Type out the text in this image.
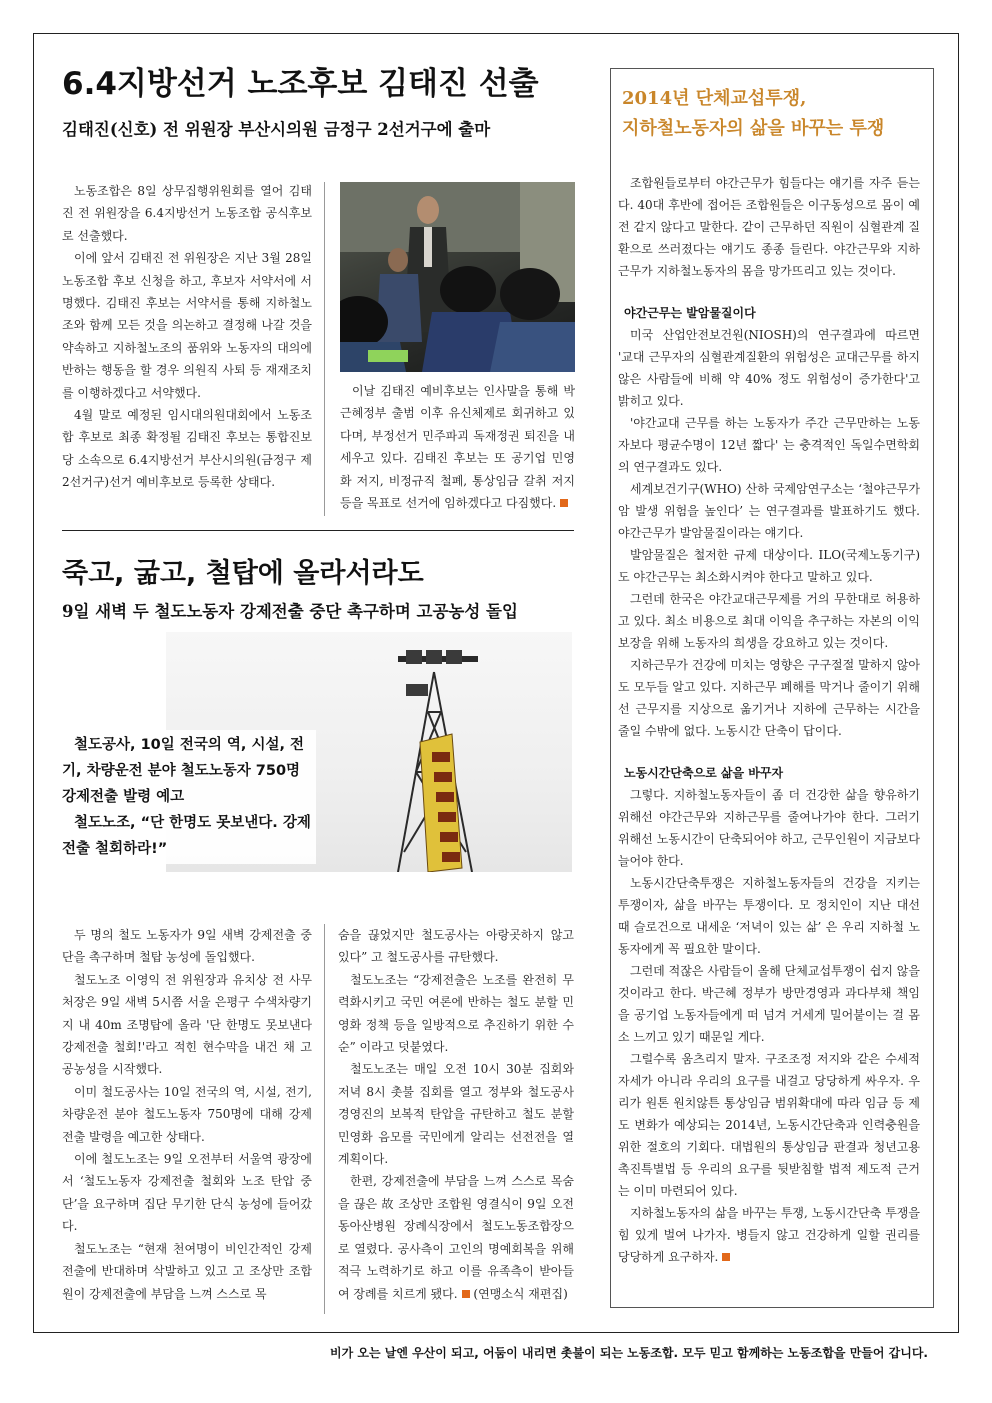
6.4지방선거 노조후보 김태진 선출
김태진(신호) 전 위원장 부산시의원 금정구 2선거구에 출마

노동조합은 8일 상무집행위원회를 열어 김태진 전 위원장을 6.4지방선거 노동조합 공식후보로 선출했다.

이에 앞서 김태진 전 위원장은 지난 3월 28일 노동조합 후보 신청을 하고, 후보자 서약서에 서명했다. 김태진 후보는 서약서를 통해 지하철노조와 함께 모든 것을 의논하고 결정해 나갈 것을 약속하고 지하철노조의 품위와 노동자의 대의에 반하는 행동을 할 경우 의원직 사퇴 등 재재조치를 이행하겠다고 서약했다.

4월 말로 예정된 임시대의원대회에서 노동조합 후보로 최종 확정될 김태진 후보는 통합진보당 소속으로 6.4지방선거 부산시의원(금정구 제2선거구)선거 예비후보로 등록한 상태다.

이날 김태진 예비후보는 인사말을 통해 박근혜정부 출범 이후 유신체제로 회귀하고 있다며, 부정선거 민주파괴 독재정권 퇴진을 내세우고 있다. 김태진 후보는 또 공기업 민영화 저지, 비정규직 철폐, 통상임금 갈취 저지 등을 목표로 선거에 임하겠다고 다짐했다.

죽고, 굶고, 철탑에 올라서라도
9일 새벽 두 철도노동자 강제전출 중단 촉구하며 고공농성 돌입

철도공사, 10일 전국의 역, 시설, 전기, 차량운전 분야 철도노동자 750명 강제전출 발령 예고

철도노조, “단 한명도 못보낸다. 강제전출 철회하라!”

두 명의 철도 노동자가 9일 새벽 강제전출 중단을 촉구하며 철탑 농성에 돌입했다.

철도노조 이영익 전 위원장과 유치상 전 사무처장은 9일 새벽 5시쯤 서울 은평구 수색차량기지 내 40m 조명탑에 올라 '단 한명도 못보낸다 강제전출 철회!'라고 적힌 현수막을 내건 채 고공농성을 시작했다.

이미 철도공사는 10일 전국의 역, 시설, 전기, 차량운전 분야 철도노동자 750명에 대해 강제전출 발령을 예고한 상태다.

이에 철도노조는 9일 오전부터 서울역 광장에서 ‘철도노동자 강제전출 철회와 노조 탄압 중단’을 요구하며 집단 무기한 단식 농성에 들어갔다.

철도노조는 “현재 천여명이 비인간적인 강제전출에 반대하며 삭발하고 있고 고 조상만 조합원이 강제전출에 부담을 느껴 스스로 목

숨을 끊었지만 철도공사는 아랑곳하지 않고 있다” 고 철도공사를 규탄했다.

철도노조는 “강제전출은 노조를 완전히 무력화시키고 국민 여론에 반하는 철도 분할 민영화 정책 등을 일방적으로 추진하기 위한 수순” 이라고 덧붙였다.

철도노조는 매일 오전 10시 30분 집회와 저녁 8시 촛불 집회를 열고 정부와 철도공사 경영진의 보복적 탄압을 규탄하고 철도 분할 민영화 음모를 국민에게 알리는 선전전을 열 계획이다.

한편, 강제전출에 부담을 느껴 스스로 목숨을 끊은 故 조상만 조합원 영결식이 9일 오전 동아산병원 장례식장에서 철도노동조합장으로 열렸다. 공사측이 고인의 명예회복을 위해 적극 노력하기로 하고 이를 유족측이 받아들여 장례를 치르게 됐다. (연맹소식 재편집)

2014년 단체교섭투쟁,

지하철노동자의 삶을 바꾸는 투쟁

조합원들로부터 야간근무가 힘들다는 얘기를 자주 듣는다. 40대 후반에 접어든 조합원들은 이구동성으로 몸이 예전 같지 않다고 말한다. 같이 근무하던 직원이 심혈관계 질환으로 쓰러졌다는 얘기도 종종 들린다. 야간근무와 지하근무가 지하철노동자의 몸을 망가뜨리고 있는 것이다.

야간근무는 발암물질이다

미국 산업안전보건원(NIOSH)의 연구결과에 따르면 '교대 근무자의 심혈관계질환의 위험성은 교대근무를 하지 않은 사람들에 비해 약 40% 정도 위험성이 증가한다'고 밝히고 있다.

'야간교대 근무를 하는 노동자가 주간 근무만하는 노동자보다 평균수명이 12년 짧다' 는 충격적인 독일수면학회의 연구결과도 있다.

세계보건기구(WHO) 산하 국제암연구소는 ‘철야근무가 암 발생 위험을 높인다’ 는 연구결과를 발표하기도 했다. 야간근무가 발암물질이라는 얘기다.

발암물질은 철저한 규제 대상이다. ILO(국제노동기구)도 야간근무는 최소화시켜야 한다고 말하고 있다.

그런데 한국은 야간교대근무제를 거의 무한대로 허용하고 있다. 최소 비용으로 최대 이익을 추구하는 자본의 이익 보장을 위해 노동자의 희생을 강요하고 있는 것이다.

지하근무가 건강에 미치는 영향은 구구절절 말하지 않아도 모두들 알고 있다. 지하근무 폐해를 막거나 줄이기 위해선 근무지를 지상으로 옮기거나 지하에 근무하는 시간을 줄일 수밖에 없다. 노동시간 단축이 답이다.

노동시간단축으로 삶을 바꾸자

그렇다. 지하철노동자들이 좀 더 건강한 삶을 향유하기 위해선 야간근무와 지하근무를 줄여나가야 한다. 그러기 위해선 노동시간이 단축되어야 하고, 근무인원이 지금보다 늘어야 한다.

노동시간단축투쟁은 지하철노동자들의 건강을 지키는 투쟁이자, 삶을 바꾸는 투쟁이다. 모 정치인이 지난 대선 때 슬로건으로 내세운 ‘저녁이 있는 삶’ 은 우리 지하철 노동자에게 꼭 필요한 말이다.

그런데 적잖은 사람들이 올해 단체교섭투쟁이 쉽지 않을 것이라고 한다. 박근혜 정부가 방만경영과 과다부채 책임을 공기업 노동자들에게 떠 넘겨 거세게 밀어붙이는 걸 몸소 느끼고 있기 때문일 게다.

그럴수록 움츠리지 말자. 구조조정 저지와 같은 수세적 자세가 아니라 우리의 요구를 내걸고 당당하게 싸우자. 우리가 원톤 원치않튼 통상임금 범위확대에 따라 임금 등 제도 변화가 예상되는 2014년, 노동시간단축과 인력충원을 위한 절호의 기회다. 대법원의 통상임금 판결과 청년고용촉진특별법 등 우리의 요구를 뒷받침할 법적 제도적 근거는 이미 마련되어 있다.

지하철노동자의 삶을 바꾸는 투쟁, 노동시간단축 투쟁을 힘 있게 벌여 나가자. 병들지 않고 건강하게 일할 권리를 당당하게 요구하자.

비가 오는 날엔 우산이 되고, 어둠이 내리면 촛불이 되는 노동조합. 모두 믿고 함께하는 노동조합을 만들어 갑니다.
